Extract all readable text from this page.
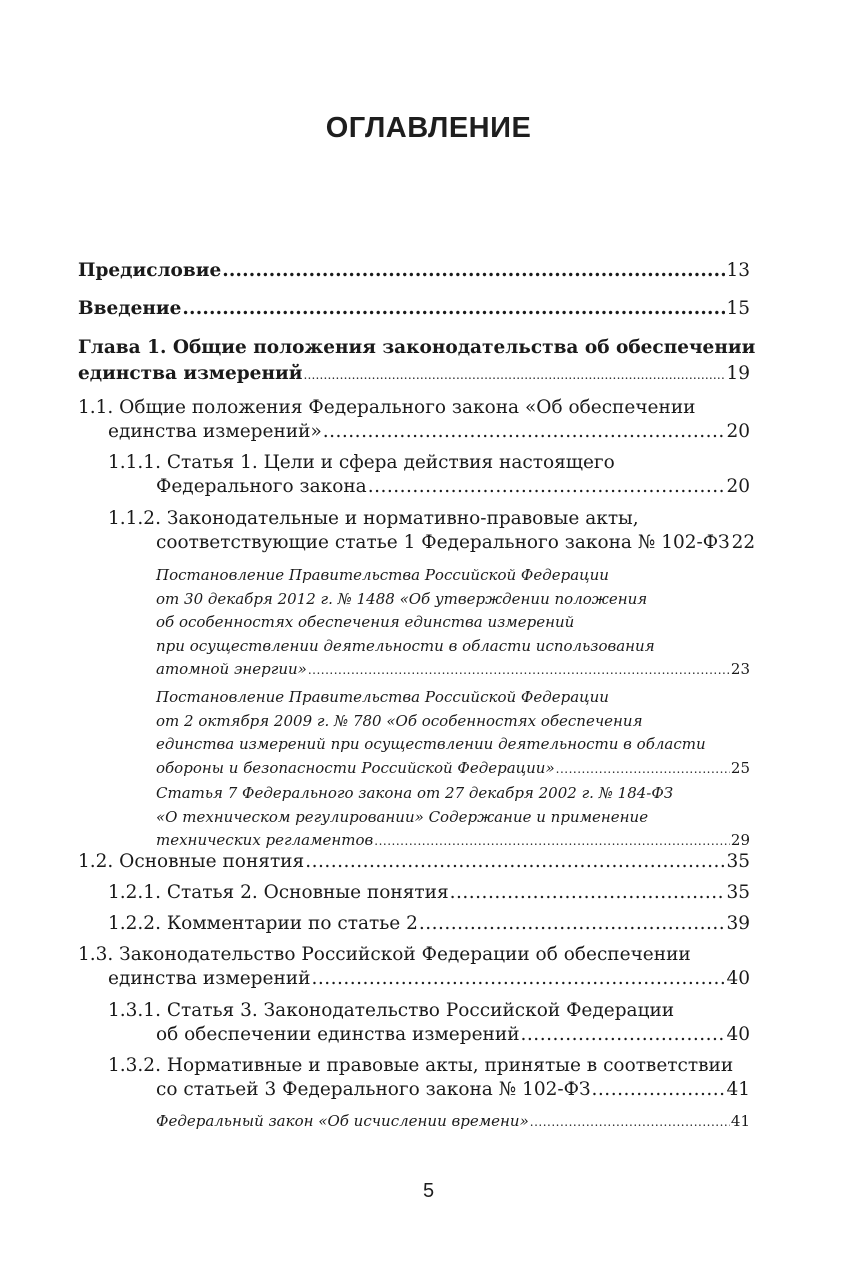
ОГЛАВЛЕНИЕ
Предисловие .....	13
Введение .....	15
Глава 1. Общие положения законодательства об обеспечении
единства измерений .....	19
1.1. Общие положения Федерального закона «Об обеспечении
единства измерений» .....	20
1.1.1. Статья 1. Цели и сфера действия настоящего
Федерального закона .....	20
1.1.2. Законодательные и нормативно-правовые акты,
соответствующие статье 1 Федерального закона № 102-ФЗ 22
Постановление Правительства Российской Федерации
от 30 декабря 2012 г. № 1488 «Об утверждении положения
об особенностях обеспечения единства измерений
при осуществлении деятельности в области использования
атомной энергии» .....	23
Постановление Правительства Российской Федерации
от 2 октября 2009 г. № 780 «Об особенностях обеспечения
единства измерений при осуществлении деятельности в области
обороны и безопасности Российской Федерации» .....	25
Статья 7 Федерального закона от 27 декабря 2002 г. № 184-ФЗ
«О техническом регулировании» Содержание и применение
технических регламентов .....	29
1.2. Основные понятия .....	35
1.2.1. Статья 2. Основные понятия .....	35
1.2.2. Комментарии по статье 2 .....	39
1.3. Законодательство Российской Федерации об обеспечении
единства измерений .....	40
1.3.1. Статья 3. Законодательство Российской Федерации
об обеспечении единства измерений .....	40
1.3.2. Нормативные и правовые акты, принятые в соответствии
со статьей 3 Федерального закона № 102-ФЗ .....	41
Федеральный закон «Об исчислении времени» .....	41
5
